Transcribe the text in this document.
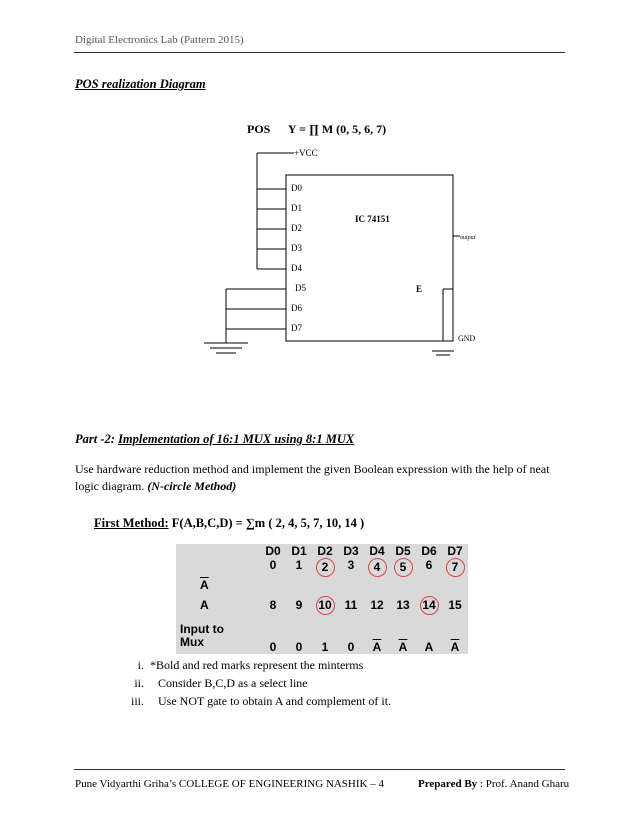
Digital Electronics Lab (Pattern 2015)
POS realization Diagram
POS Y = ∏ M (0, 5, 6, 7)
+VCC
D0
D1
D2
D3
D4
D5
D6
D7
IC 74151
E
output
GND
Part -2: Implementation of 16:1 MUX using 8:1 MUX
Use hardware reduction method and implement the given Boolean expression with the help of neat logic diagram. (N-circle Method)
First Method: F(A,B,C,D) = ∑m ( 2, 4, 5, 7, 10, 14 )
	D0	D1	D2	D3	D4	D5	D6	D7
$\overline{A}$	0	1	2	3	4	5	6	7
A	8	9	10	11	12	13	14	15
Input to
Mux	0	0	1	0	$\overline{A}$	$\overline{A}$	A	$\overline{A}$
i. *Bold and red marks represent the minterms
ii. Consider B,C,D as a select line
iii. Use NOT gate to obtain A and complement of it.
Pune Vidyarthi Griha’s COLLEGE OF ENGINEERING NASHIK – 4	Prepared By : Prof. Anand Gharu
